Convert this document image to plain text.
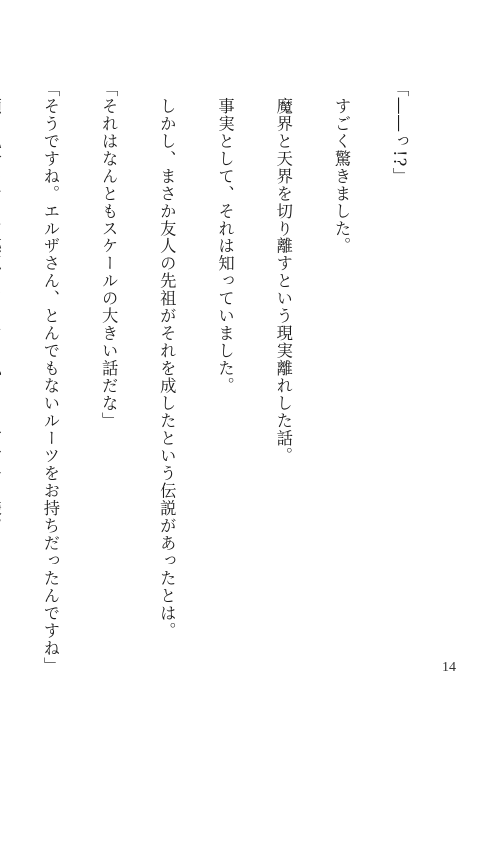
「――っ!?」

　すごく驚きました。

　魔界と天界を切り離すという現実離れした話。

　事実として、それは知っていました。

　しかし、まさか友人の先祖がそれを成したという伝説があったとは。

「それはなんともスケールの大きい話だな」

「そうですね。エルザさん、とんでもないルーツをお持ちだったんですね」

	14
